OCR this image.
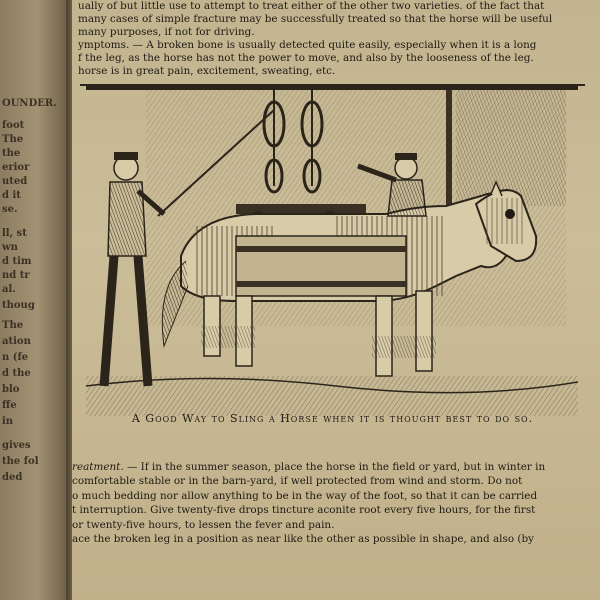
OUNDER.
foot
The
the
erior
uted
d it
se.
ll, st
wn
d tim
nd tr
al.
thoug
The
ation
n (fe
d the
blo
ffe
in
gives
the fol
ded

ually of but little use to attempt to treat either of the other two varieties. of the fact that

many cases of simple fracture may be successfully treated so that the horse will be useful

many purposes, if not for driving.

ymptoms. — A broken bone is usually detected quite easily, especially when it is a long

f the leg, as the horse has not the power to move, and also by the looseness of the leg.

horse is in great pain, excitement, sweating, etc.

A Good Way to Sling a Horse when it is thought best to do so.

reatment. — If in the summer season, place the horse in the field or yard, but in winter in

comfortable stable or in the barn-yard, if well protected from wind and storm. Do not

o much bedding nor allow anything to be in the way of the foot, so that it can be carried

t interruption. Give twenty-five drops tincture aconite root every five hours, for the first

or twenty-five hours, to lessen the fever and pain.

ace the broken leg in a position as near like the other as possible in shape, and also (by
